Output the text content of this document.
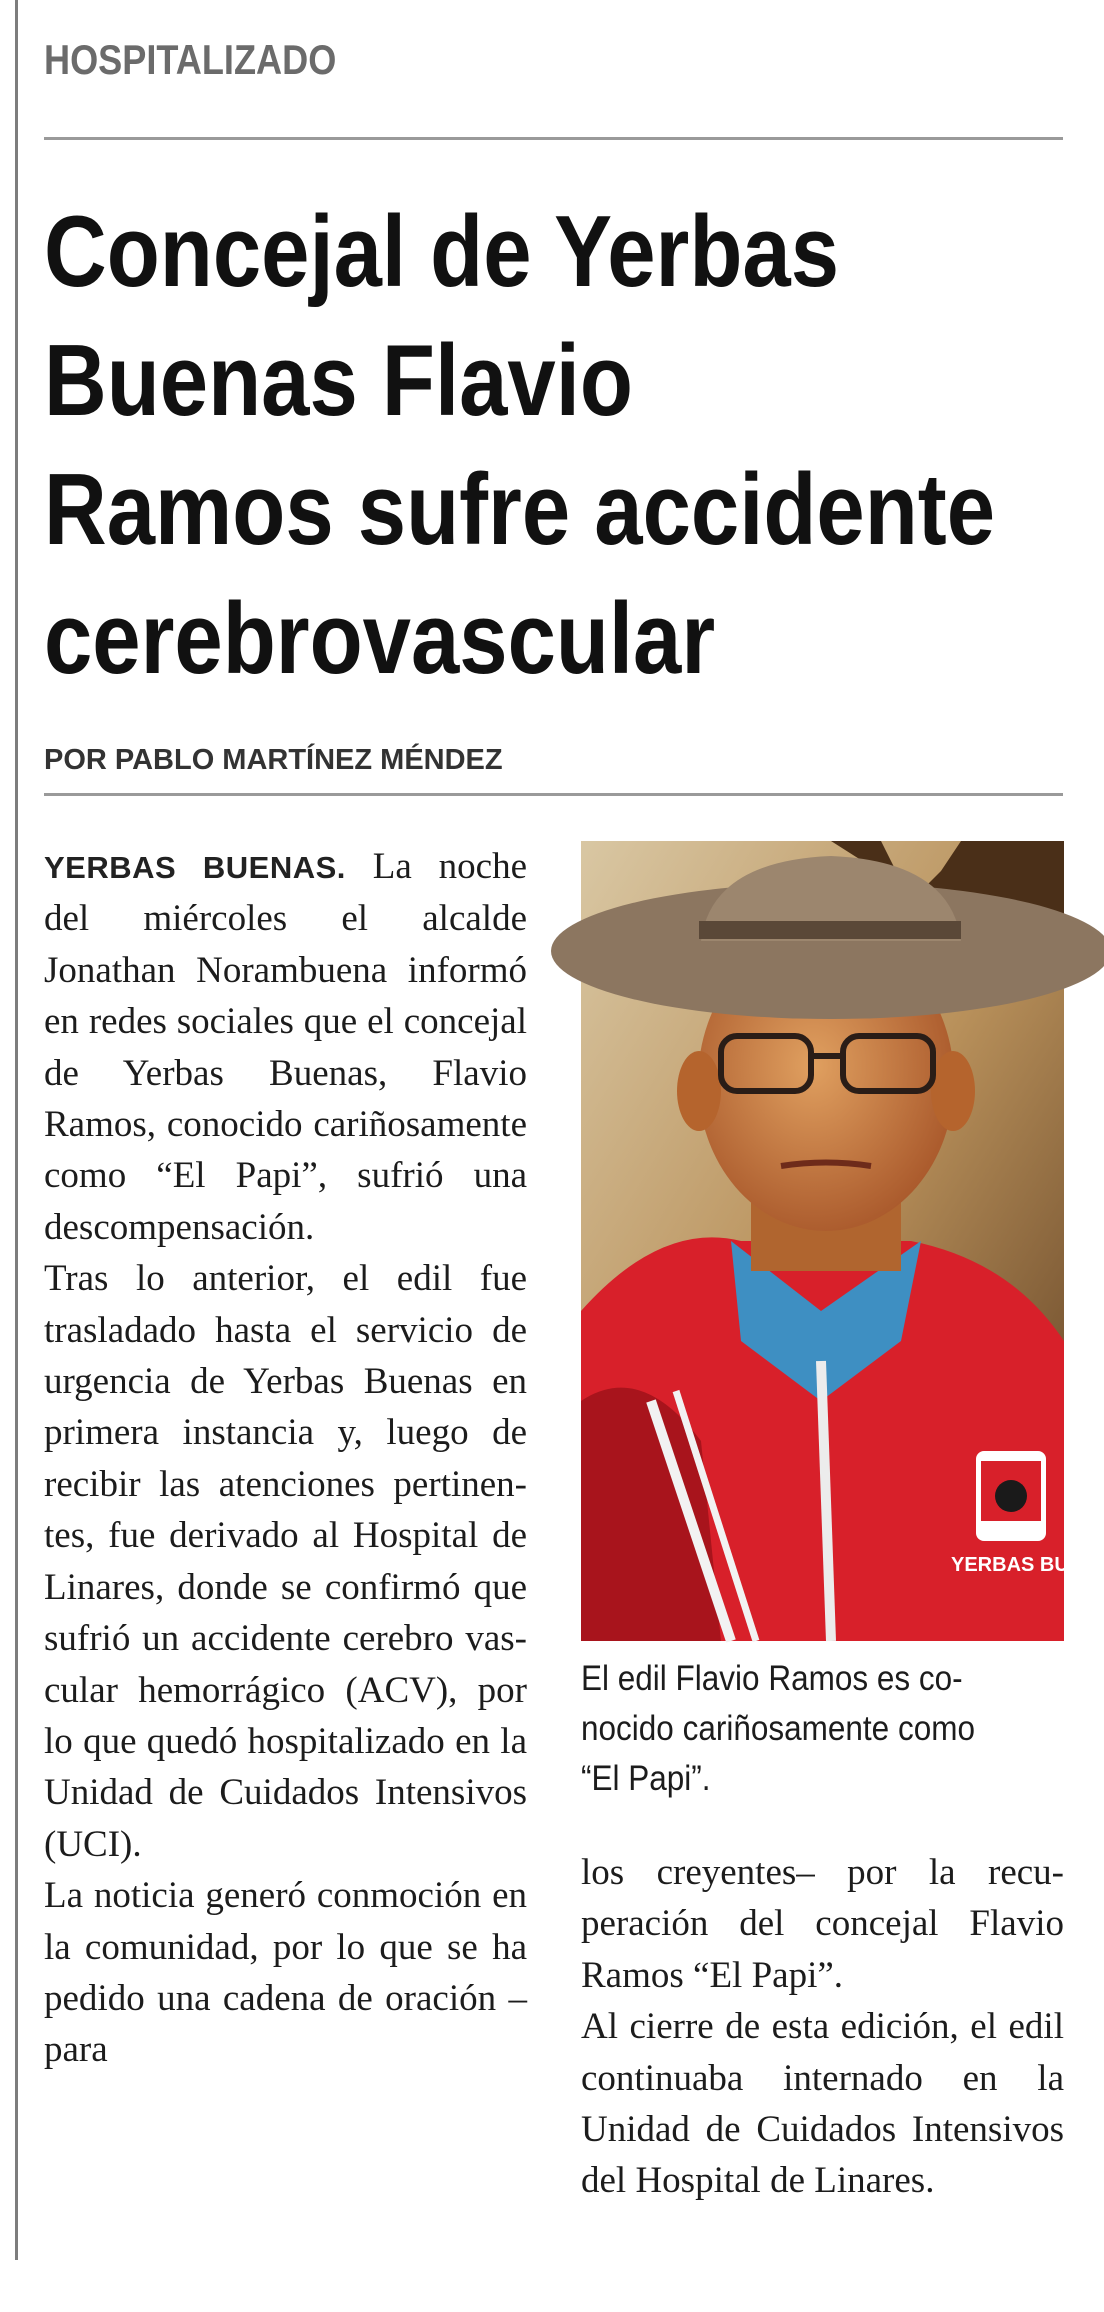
HOSPITALIZADO
Concejal de Yerbas
Buenas Flavio
Ramos sufre accidente
cerebrovascular
POR PABLO MARTÍNEZ MÉNDEZ

YERBAS BUENAS. La noche del miércoles el alcalde Jonathan Norambuena informó en redes sociales que el concejal de Yerbas Buenas, Flavio Ramos, conocido cariñosamente como “El Papi”, sufrió una descompensación.

Tras lo anterior, el edil fue trasladado hasta el servicio de urgencia de Yerbas Buenas en primera instancia y, luego de recibir las atenciones pertinentes, fue derivado al Hospital de Linares, donde se confirmó que sufrió un accidente cerebro vascular hemorrágico (ACV), por lo que quedó hospitalizado en la Unidad de Cuidados Intensivos (UCI).

La noticia generó conmoción en la comunidad, por lo que se ha pedido una cadena de oración –para

YERBAS BUE
El edil Flavio Ramos es co-
nocido cariñosamente como
“El Papi”.

los creyentes– por la recuperación del concejal Flavio Ramos “El Papi”.

Al cierre de esta edición, el edil continuaba internado en la Unidad de Cuidados Intensivos del Hospital de Linares.
